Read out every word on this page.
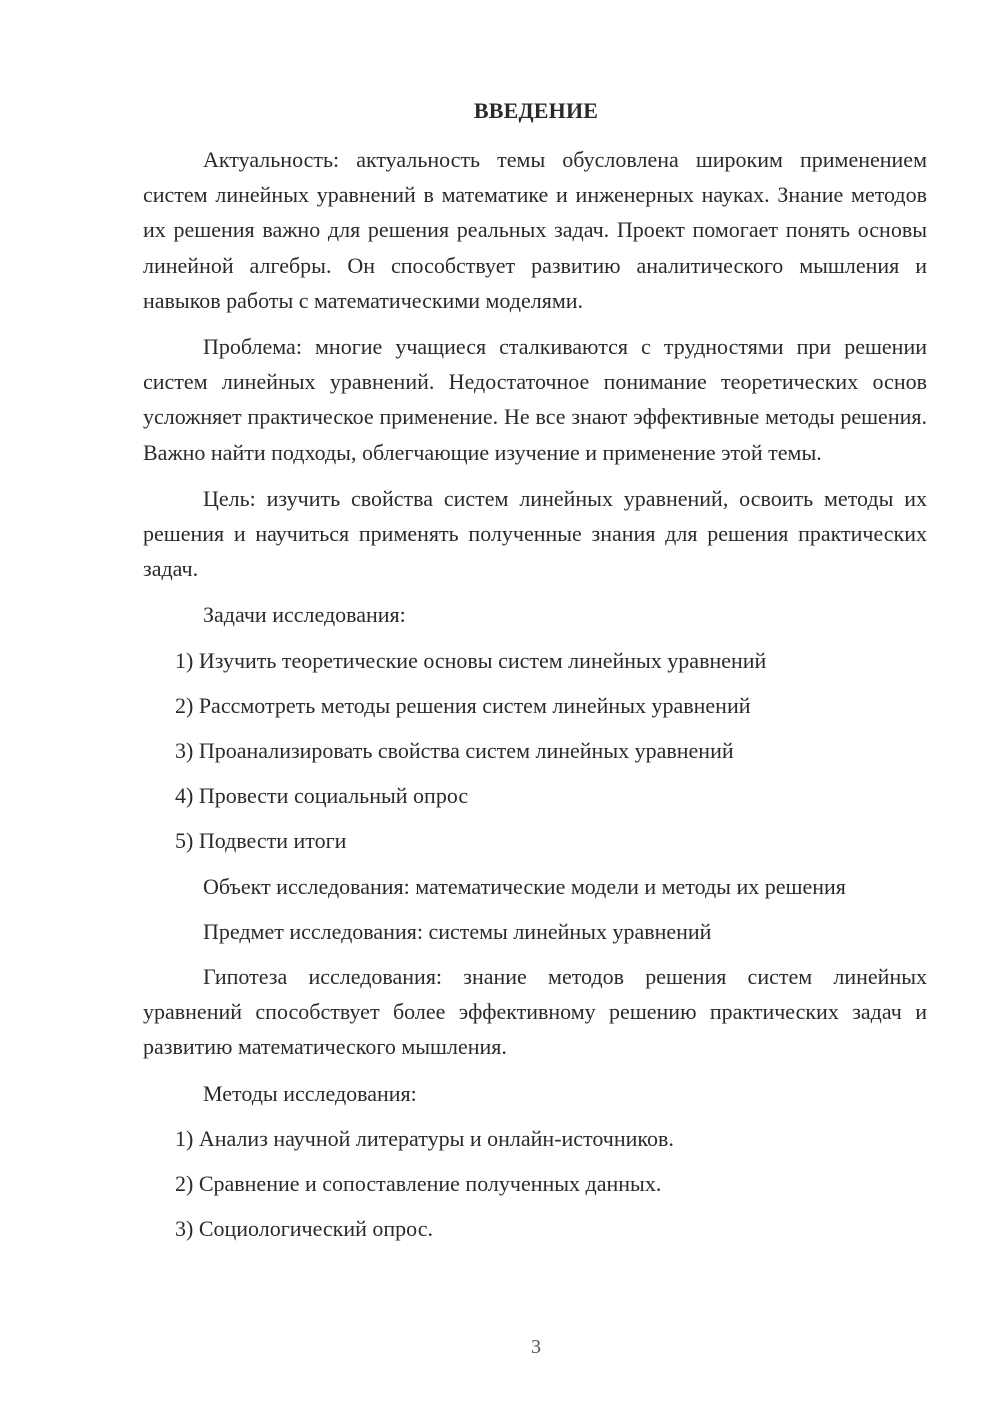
ВВЕДЕНИЕ

Актуальность: актуальность темы обусловлена широким применением систем линейных уравнений в математике и инженерных науках. Знание методов их решения важно для решения реальных задач. Проект помогает понять основы линейной алгебры. Он способствует развитию аналитического мышления и навыков работы с математическими моделями.

Проблема: многие учащиеся сталкиваются с трудностями при решении систем линейных уравнений. Недостаточное понимание теоретических основ усложняет практическое применение. Не все знают эффективные методы решения. Важно найти подходы, облегчающие изучение и применение этой темы.

Цель: изучить свойства систем линейных уравнений, освоить методы их решения и научиться применять полученные знания для решения практических задач.

Задачи исследования:
1) Изучить теоретические основы систем линейных уравнений
2) Рассмотреть методы решения систем линейных уравнений
3) Проанализировать свойства систем линейных уравнений
4) Провести социальный опрос
5) Подвести итоги
Объект исследования: математические модели и методы их решения
Предмет исследования: системы линейных уравнений

Гипотеза исследования: знание методов решения систем линейных уравнений способствует более эффективному решению практических задач и развитию математического мышления.

Методы исследования:
1) Анализ научной литературы и онлайн-источников.
2) Сравнение и сопоставление полученных данных.
3) Социологический опрос.
3
